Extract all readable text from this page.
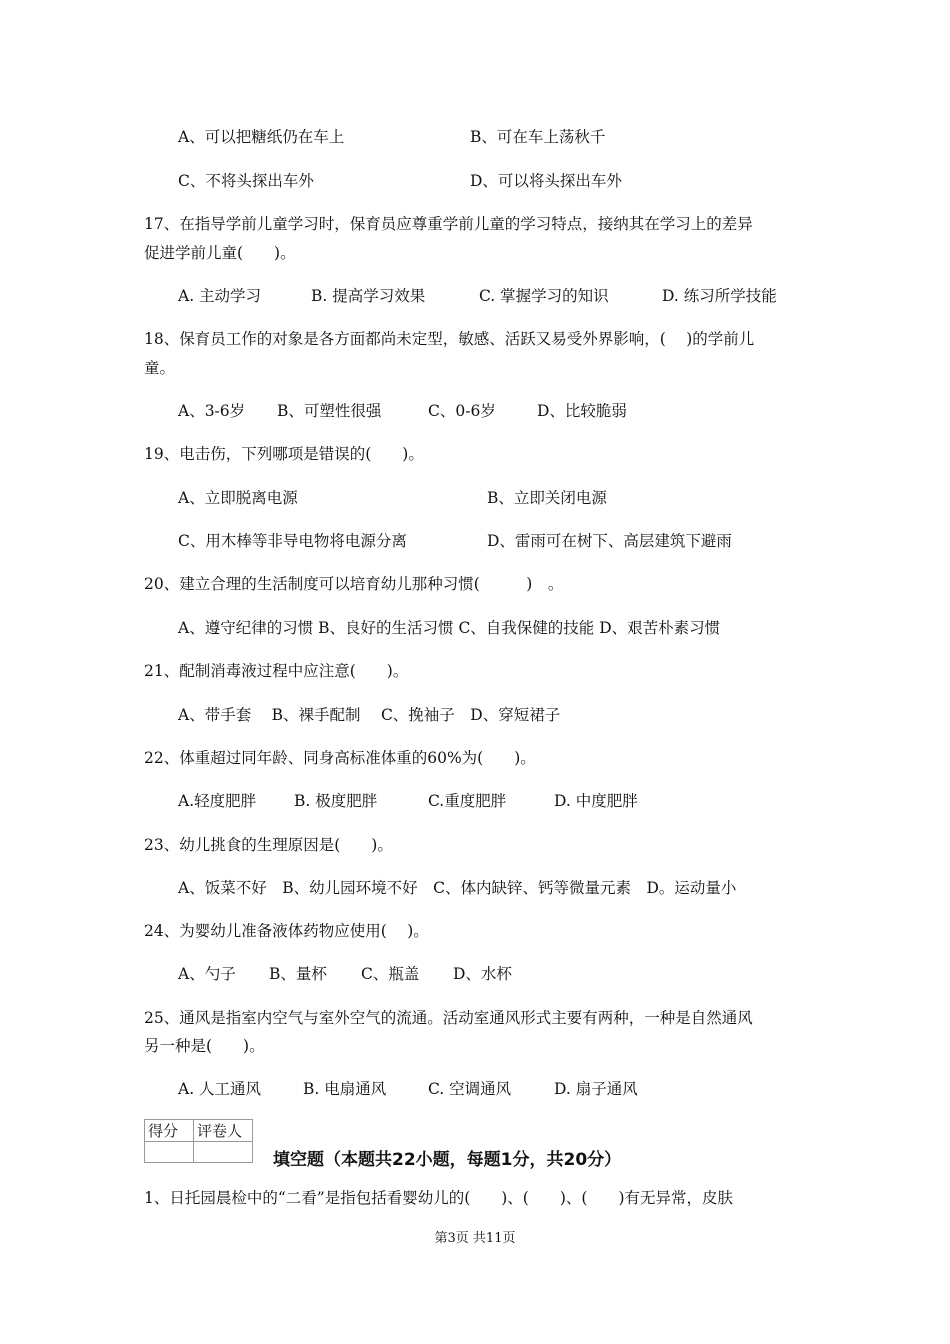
A、可以把糖纸仍在车上	B、可在车上荡秋千
C、不将头探出车外	D、可以将头探出车外
17、在指导学前儿童学习时，保育员应尊重学前儿童的学习特点，接纳其在学习上的差异
促进学前儿童(　　)。
A. 主动学习	B. 提高学习效果	C. 掌握学习的知识	D. 练习所学技能
18、保育员工作的对象是各方面都尚未定型，敏感、活跃又易受外界影响，(　 )的学前儿
童。
A、3-6岁 B、可塑性很强	C、0-6岁	D、比较脆弱
19、电击伤，下列哪项是错误的(　　)。
A、立即脱离电源	B、立即关闭电源
C、用木棒等非导电物将电源分离	D、雷雨可在树下、高层建筑下避雨
20、建立合理的生活制度可以培育幼儿那种习惯(　　　)　。
A、遵守纪律的习惯 B、良好的生活习惯 C、自我保健的技能 D、艰苦朴素习惯
21、配制消毒液过程中应注意(　　)。
A、带手套　 B、裸手配制　 C、挽袖子　D、穿短裙子
22、体重超过同年龄、同身高标准体重的60%为(　　)。
A.轻度肥胖 B. 极度肥胖	C.重度肥胖	D. 中度肥胖
23、幼儿挑食的生理原因是(　　)。
A、饭菜不好　B、幼儿园环境不好　C、体内缺锌、钙等微量元素　D。运动量小
24、为婴幼儿准备液体药物应使用(　 )。
A、勺子 B、量杯 C、瓶盖 D、水杯
25、通风是指室内空气与室外空气的流通。活动室通风形式主要有两种，一种是自然通风
另一种是(　　)。
A. 人工通风	B. 电扇通风	C. 空调通风	D. 扇子通风
得分	评卷人

填空题（本题共22小题，每题1分，共20分）
1、日托园晨检中的“二看”是指包括看婴幼儿的(　　)、(　　)、(　　)有无异常，皮肤
第3页 共11页
